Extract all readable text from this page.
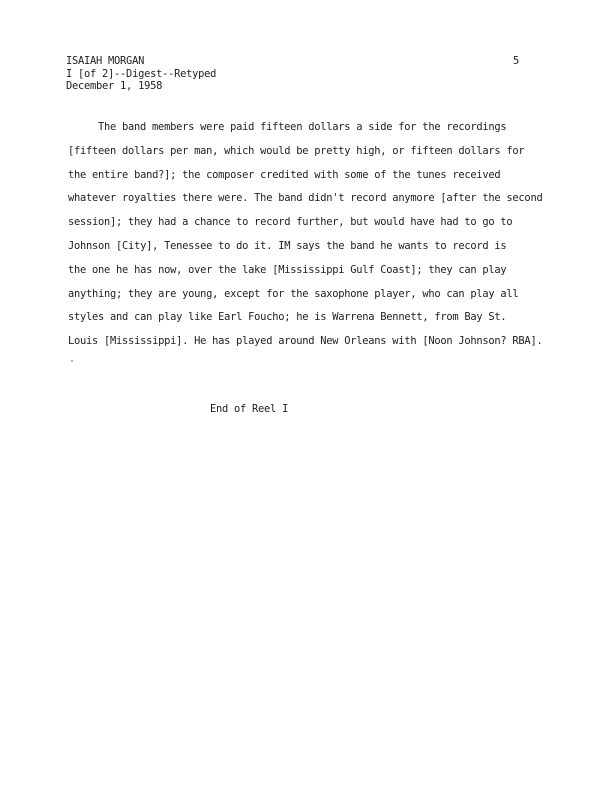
ISAIAH MORGAN
I [of 2]--Digest--Retyped
December 1, 1958
5
The band members were paid fifteen dollars a side for the recordings
[fifteen dollars per man, which would be pretty high, or fifteen dollars for
the entire band?]; the composer credited with some of the tunes received
whatever royalties there were. The band didn't record anymore [after the second
session]; they had a chance to record further, but would have had to go to
Johnson [City], Tenessee to do it. IM says the band he wants to record is
the one he has now, over the lake [Mississippi Gulf Coast]; they can play
anything; they are young, except for the saxophone player, who can play all
styles and can play like Earl Foucho; he is Warrena Bennett, from Bay St.
Louis [Mississippi]. He has played around New Orleans with [Noon Johnson? RBA].
End of Reel I
